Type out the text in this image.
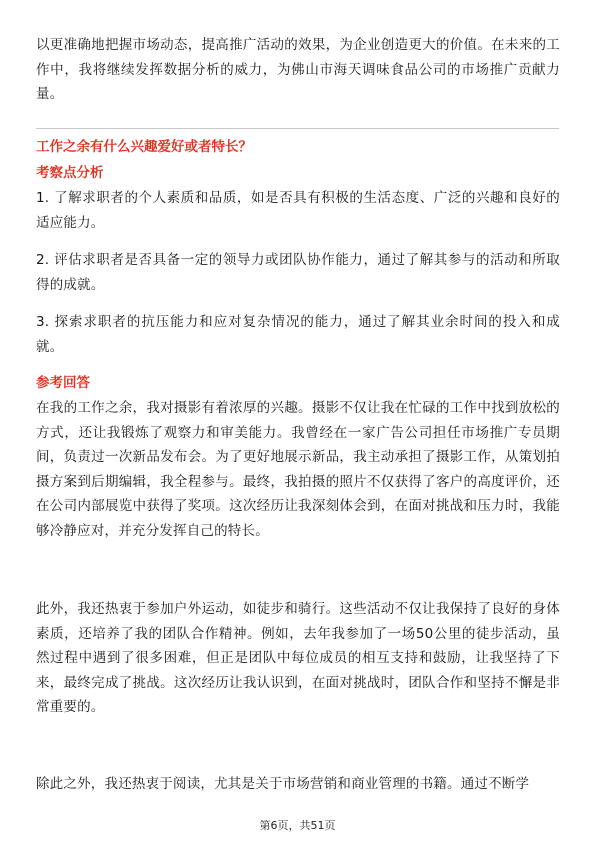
以更准确地把握市场动态，提高推广活动的效果，为企业创造更大的价值。在未来的工作中，我将继续发挥数据分析的威力，为佛山市海天调味食品公司的市场推广贡献力量。
工作之余有什么兴趣爱好或者特长？
考察点分析
1. 了解求职者的个人素质和品质，如是否具有积极的生活态度、广泛的兴趣和良好的适应能力。
2. 评估求职者是否具备一定的领导力或团队协作能力，通过了解其参与的活动和所取得的成就。
3. 探索求职者的抗压能力和应对复杂情况的能力，通过了解其业余时间的投入和成就。
参考回答
在我的工作之余，我对摄影有着浓厚的兴趣。摄影不仅让我在忙碌的工作中找到放松的方式，还让我锻炼了观察力和审美能力。我曾经在一家广告公司担任市场推广专员期间，负责过一次新品发布会。为了更好地展示新品，我主动承担了摄影工作，从策划拍摄方案到后期编辑，我全程参与。最终，我拍摄的照片不仅获得了客户的高度评价，还在公司内部展览中获得了奖项。这次经历让我深刻体会到，在面对挑战和压力时，我能够冷静应对，并充分发挥自己的特长。
此外，我还热衷于参加户外运动，如徒步和骑行。这些活动不仅让我保持了良好的身体素质，还培养了我的团队合作精神。例如，去年我参加了一场50公里的徒步活动，虽然过程中遇到了很多困难，但正是团队中每位成员的相互支持和鼓励，让我坚持了下来，最终完成了挑战。这次经历让我认识到，在面对挑战时，团队合作和坚持不懈是非常重要的。
除此之外，我还热衷于阅读，尤其是关于市场营销和商业管理的书籍。通过不断学
第6页，共51页
